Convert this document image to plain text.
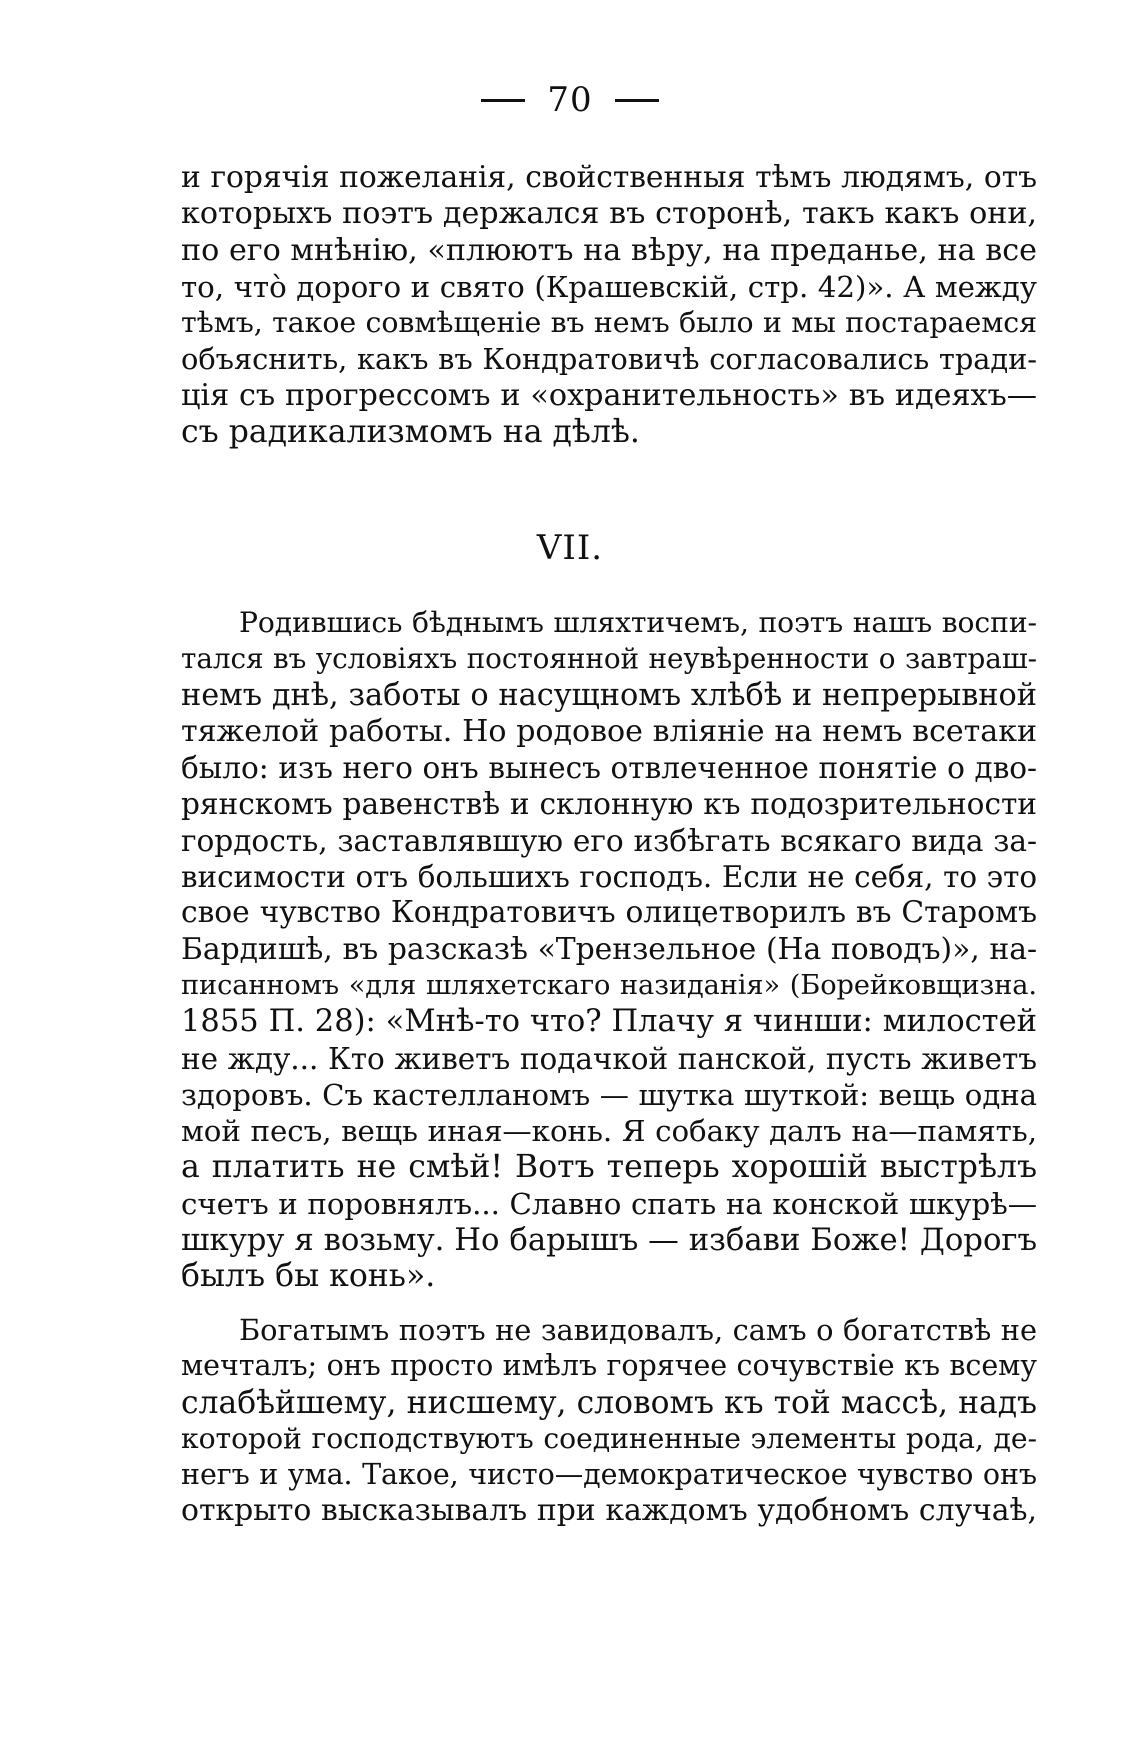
70
и горячія пожеланія, свойственныя тѣмъ людямъ, отъ
которыхъ поэтъ держался въ сторонѣ, такъ какъ они,
по его мнѣнію, «плюютъ на вѣру, на преданье, на все
то, что̀ дорого и свято (Крашевскій, стр. 42)». А между
тѣмъ, такое совмѣщеніе въ немъ было и мы постараемся
объяснить, какъ въ Кондратовичѣ согласовались тради-
ція съ прогрессомъ и «охранительность» въ идеяхъ—
съ радикализмомъ на дѣлѣ.
VII.
Родившись бѣднымъ шляхтичемъ, поэтъ нашъ воспи-
тался въ условіяхъ постоянной неувѣренности о завтраш-
немъ днѣ, заботы о насущномъ хлѣбѣ и непрерывной
тяжелой работы. Но родовое вліяніе на немъ всетаки
было: изъ него онъ вынесъ отвлеченное понятіе о дво-
рянскомъ равенствѣ и склонную къ подозрительности
гордость, заставлявшую его избѣгать всякаго вида за-
висимости отъ большихъ господъ. Если не себя, то это
свое чувство Кондратовичъ олицетворилъ въ Старомъ
Бардишѣ, въ разсказѣ «Трензельное (На поводъ)», на-
писанномъ «для шляхетскаго назиданія» (Борейковщизна.
1855 П. 28): «Мнѣ-то что? Плачу я чинши: милостей
не жду... Кто живетъ подачкой панской, пусть живетъ
здоровъ. Съ кастелланомъ — шутка шуткой: вещь одна
мой песъ, вещь иная—конь. Я собаку далъ на—память,
а платить не смѣй! Вотъ теперь хорошій выстрѣлъ
счетъ и поровнялъ... Славно спать на конской шкурѣ—
шкуру я возьму. Но барышъ — избави Боже! Дорогъ
былъ бы конь».
Богатымъ поэтъ не завидовалъ, самъ о богатствѣ не
мечталъ; онъ просто имѣлъ горячее сочувствіе къ всему
слабѣйшему, нисшему, словомъ къ той массѣ, надъ
которой господствуютъ соединенные элементы рода, де-
негъ и ума. Такое, чисто—демократическое чувство онъ
открыто высказывалъ при каждомъ удобномъ случаѣ,
